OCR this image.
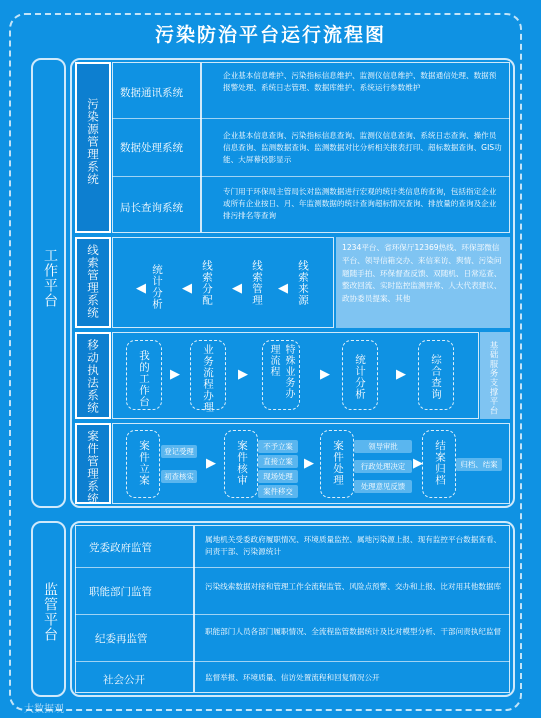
污染防治平台运行流程图
工作平台
污染源管理系统
数据通讯系统
企业基本信息维护、污染指标信息维护、监测仪信息维护、数据通信处理、数据预报警处理、系统日志管理、数据库维护、系统运行参数维护
数据处理系统
企业基本信息查询、污染指标信息查询、监测仪信息查询、系统日志查询、操作员信息查询、监测数据查询、监测数据对比分析相关报表打印、超标数据查询、GIS功能、大屏幕投影显示
局长查询系统
专门用于环保局主管局长对监测数据进行宏观的统计类信息的查询，包括指定企业或所有企业按日、月、年监测数据的统计查询超标情况查询、排放量的查询及企业排污排名等查询
线索管理系统	1234平台、省环保厅12369热线、环保部微信平台、领导信箱交办、来信来访、舆情、污染问题随手拍、环保督查反馈、双随机、日常巡查、整改回流、实时监控监测异常、人大代表建议、政协委员提案、其他
统计分析
◀	◀ 线索分配 ◀ 线索管理 ◀ 线索来源
移动执法系统	基础服务支撑平台
我的工作台 ▶ 业务流程办理 ▶	特殊业务办理流程	▶ 统计分析 ▶ 综合查询
案件管理系统	案件立案	登记受理
初查核实
▶ 案件核审	不予立案
直接立案
现场处理
案件移交
▶ 案件处理	领导审批
行政处理决定
处理意见反馈
▶ 结案归档	归档、结案
监管平台
党委政府监管
属地机关受委政府履职情况、环境质量监控、属地污染源上报、现有监控平台数据查看、问责干部、污染源统计
职能部门监管	污染线索数据对接和管理工作全流程监管、风险点预警、交办和上报、比对用其他数据库
纪委再监管
职能部门人员各部门履职情况、全流程监管数据统计及比对模型分析、干部问责执纪监督
社会公开	监督举报、环境质量、信访处置流程和回复情况公开
大数据观
